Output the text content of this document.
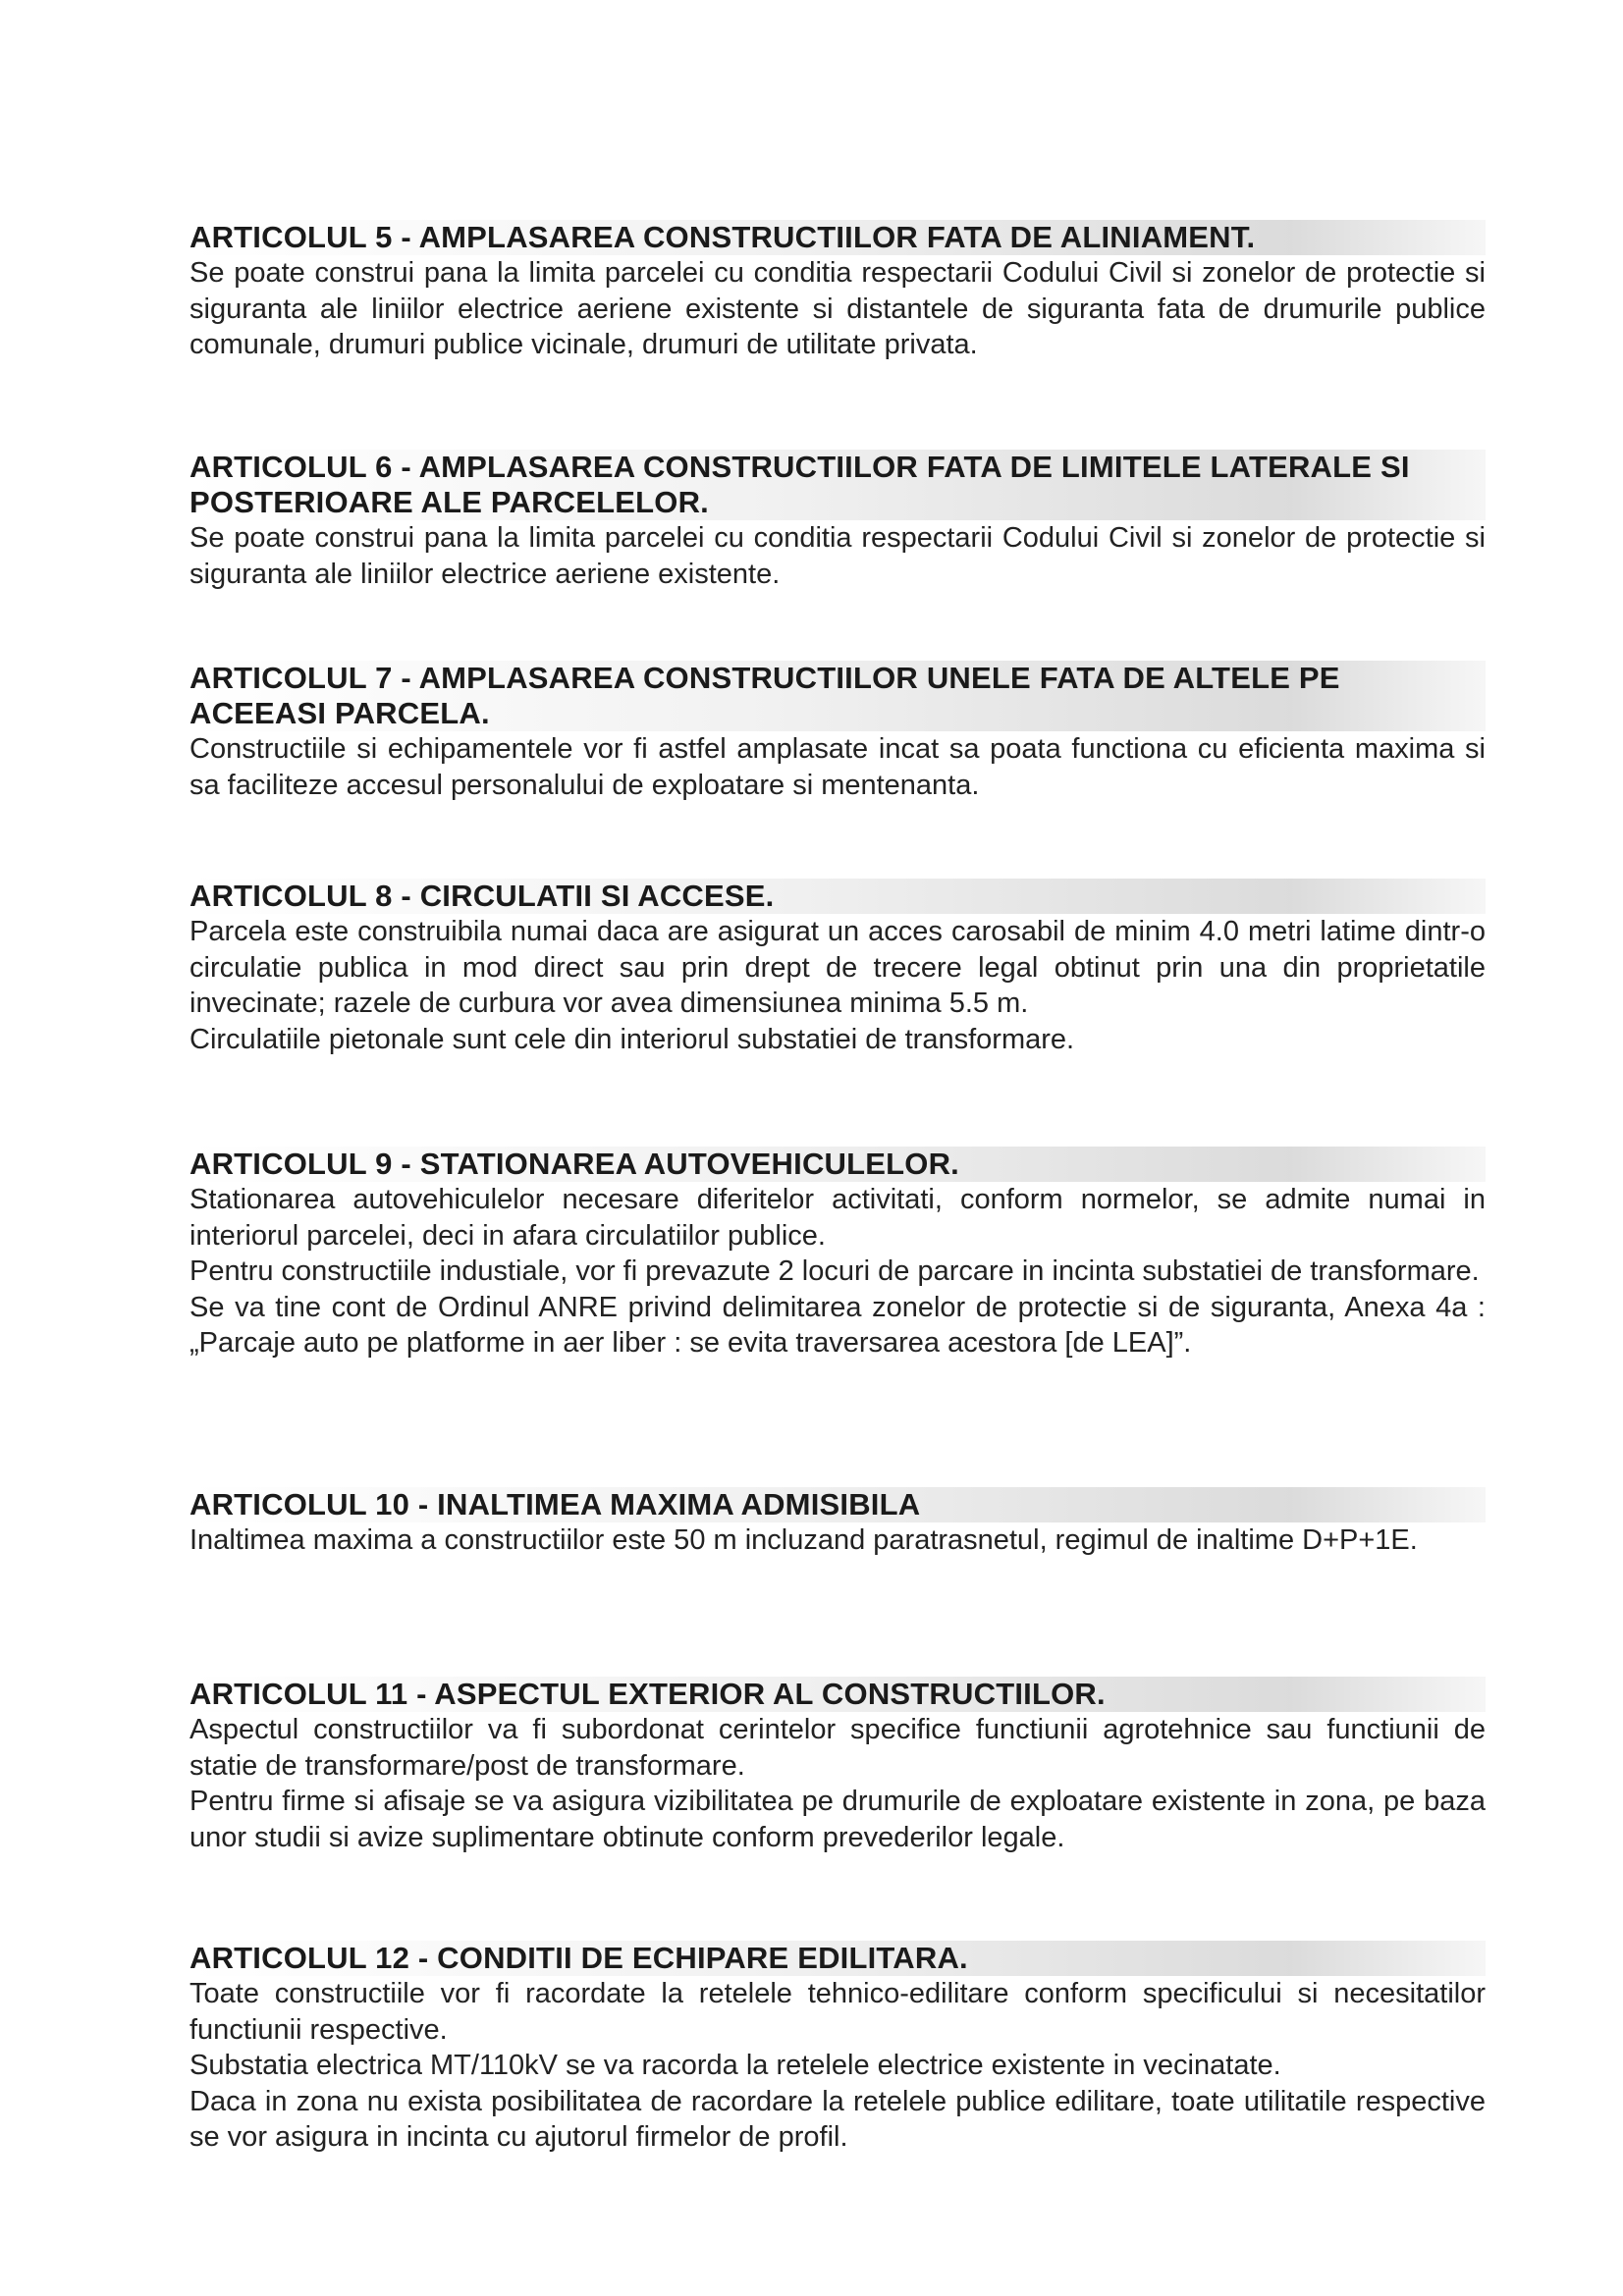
ARTICOLUL 5 - AMPLASAREA CONSTRUCTIILOR FATA DE ALINIAMENT.
Se poate construi pana la limita parcelei cu conditia respectarii Codului Civil si zonelor de protectie si siguranta ale liniilor electrice aeriene existente si distantele de siguranta fata de drumurile publice comunale, drumuri publice vicinale, drumuri de utilitate privata.
ARTICOLUL 6 - AMPLASAREA CONSTRUCTIILOR FATA DE LIMITELE LATERALE SI POSTERIOARE ALE PARCELELOR.
Se poate construi pana la limita parcelei cu conditia respectarii Codului Civil si zonelor de protectie si siguranta ale liniilor electrice aeriene existente.
ARTICOLUL 7 - AMPLASAREA CONSTRUCTIILOR UNELE FATA DE ALTELE PE ACEEASI PARCELA.
Constructiile si echipamentele vor fi astfel amplasate incat sa poata functiona cu eficienta maxima si sa faciliteze accesul personalului de exploatare si mentenanta.
ARTICOLUL 8 - CIRCULATII SI ACCESE.
Parcela este construibila numai daca are asigurat un acces carosabil de minim 4.0 metri latime dintr-o circulatie publica in mod direct sau prin drept de trecere legal obtinut prin una din proprietatile invecinate; razele de curbura vor avea dimensiunea minima 5.5 m.
Circulatiile pietonale sunt cele din interiorul substatiei de transformare.
ARTICOLUL 9 - STATIONAREA AUTOVEHICULELOR.
Stationarea autovehiculelor necesare diferitelor activitati, conform normelor, se admite numai in interiorul parcelei, deci in afara circulatiilor publice.
Pentru constructiile industiale, vor fi prevazute 2 locuri de parcare in incinta substatiei de transformare.
Se va tine cont de Ordinul ANRE privind delimitarea zonelor de protectie si de siguranta, Anexa 4a : „Parcaje auto pe platforme in aer liber : se evita traversarea acestora [de LEA]”.
ARTICOLUL 10 - INALTIMEA MAXIMA ADMISIBILA
Inaltimea maxima a constructiilor este 50 m incluzand paratrasnetul, regimul de inaltime D+P+1E.
ARTICOLUL 11 - ASPECTUL EXTERIOR AL CONSTRUCTIILOR.
Aspectul constructiilor va fi subordonat cerintelor specifice functiunii agrotehnice sau functiunii de statie de transformare/post de transformare.
Pentru firme si afisaje se va asigura vizibilitatea pe drumurile de exploatare existente in zona, pe baza unor studii si avize suplimentare obtinute conform prevederilor legale.
ARTICOLUL 12 - CONDITII DE ECHIPARE EDILITARA.
Toate constructiile vor fi racordate la retelele tehnico-edilitare conform specificului si necesitatilor functiunii respective.
Substatia electrica MT/110kV se va racorda la retelele electrice existente in vecinatate.
Daca in zona nu exista posibilitatea de racordare la retelele publice edilitare, toate utilitatile respective se vor asigura in incinta cu ajutorul firmelor de profil.
